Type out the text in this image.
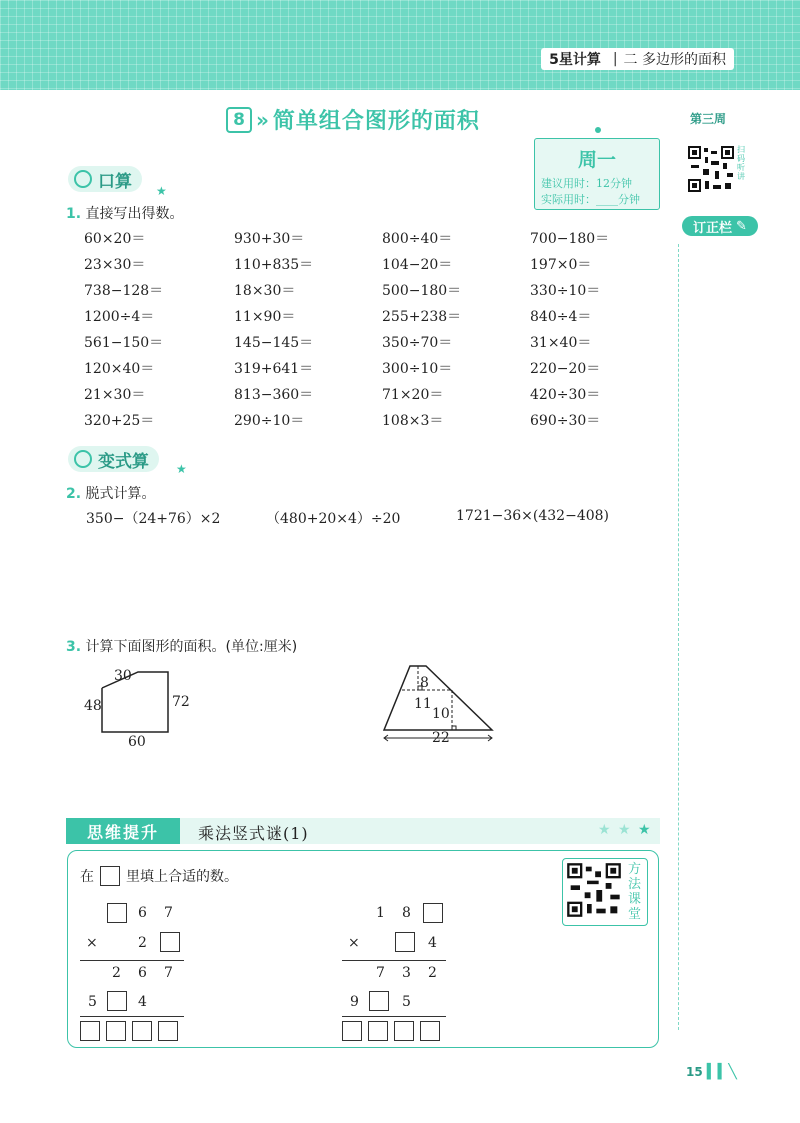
5星计算 | 二 多边形的面积
8 » 简单组合图形的面积
周一
建议用时：12分钟
实际用时：____分钟
第三周
扫码听讲
订正栏 ✎
口算 ★
1. 直接写出得数。
60×20＝	930+30＝	800÷40＝	700−180＝
23×30＝	110+835＝	104−20＝	197×0＝
738−128＝	18×30＝	500−180＝	330÷10＝
1200÷4＝	11×90＝	255+238＝	840÷4＝
561−150＝	145−145＝	350÷70＝	31×40＝
120×40＝	319+641＝	300÷10＝	220−20＝
21×30＝	813−360＝	71×20＝	420÷30＝
320+25＝	290÷10＝	108×3＝	690÷30＝
变式算 ★
2. 脱式计算。
350−（24+76）×2	（480+20×4）÷20	1721−36×(432−408)
3. 计算下面图形的面积。(单位:厘米)
30
48	72
60
8
11
10
22
思维提升	乘法竖式谜(1)	★ ★ ★
在 里填上合适的数。	方法课堂
6 7
×	2
2 6 7
5	4
1 8
×	4
7 3 2
9	5
15 ▍▍╲
